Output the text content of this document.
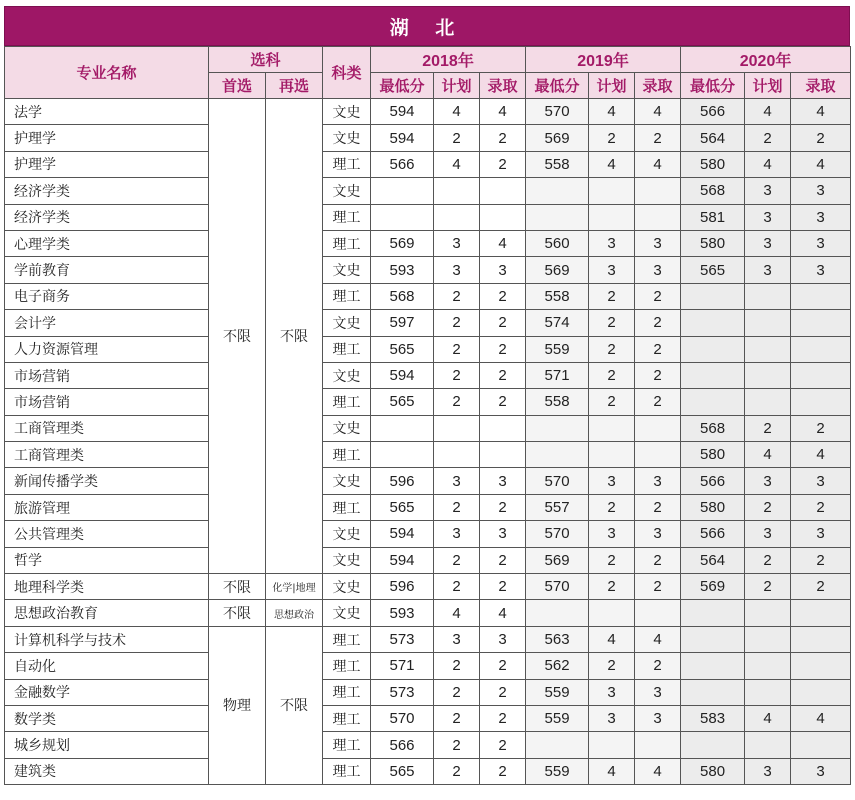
湖 北
专业名称	选科		科类	2018年			2019年			2020年		
	首选	再选		最低分	计划	录取	最低分	计划	录取	最低分	计划	录取
法学	不限	不限	文史	594	4	4	570	4	4	566	4	4
护理学			文史	594	2	2	569	2	2	564	2	2
护理学			理工	566	4	2	558	4	4	580	4	4
经济学类			文史							568	3	3
经济学类			理工							581	3	3
心理学类			理工	569	3	4	560	3	3	580	3	3
学前教育			文史	593	3	3	569	3	3	565	3	3
电子商务			理工	568	2	2	558	2	2			
会计学			文史	597	2	2	574	2	2			
人力资源管理			理工	565	2	2	559	2	2			
市场营销			文史	594	2	2	571	2	2			
市场营销			理工	565	2	2	558	2	2			
工商管理类			文史							568	2	2
工商管理类			理工							580	4	4
新闻传播学类			文史	596	3	3	570	3	3	566	3	3
旅游管理			理工	565	2	2	557	2	2	580	2	2
公共管理类			文史	594	3	3	570	3	3	566	3	3
哲学			文史	594	2	2	569	2	2	564	2	2
地理科学类	不限	化学|地理	文史	596	2	2	570	2	2	569	2	2
思想政治教育	不限	思想政治	文史	593	4	4						
计算机科学与技术	物理	不限	理工	573	3	3	563	4	4			
自动化			理工	571	2	2	562	2	2			
金融数学			理工	573	2	2	559	3	3			
数学类			理工	570	2	2	559	3	3	583	4	4
城乡规划			理工	566	2	2						
建筑类			理工	565	2	2	559	4	4	580	3	3
